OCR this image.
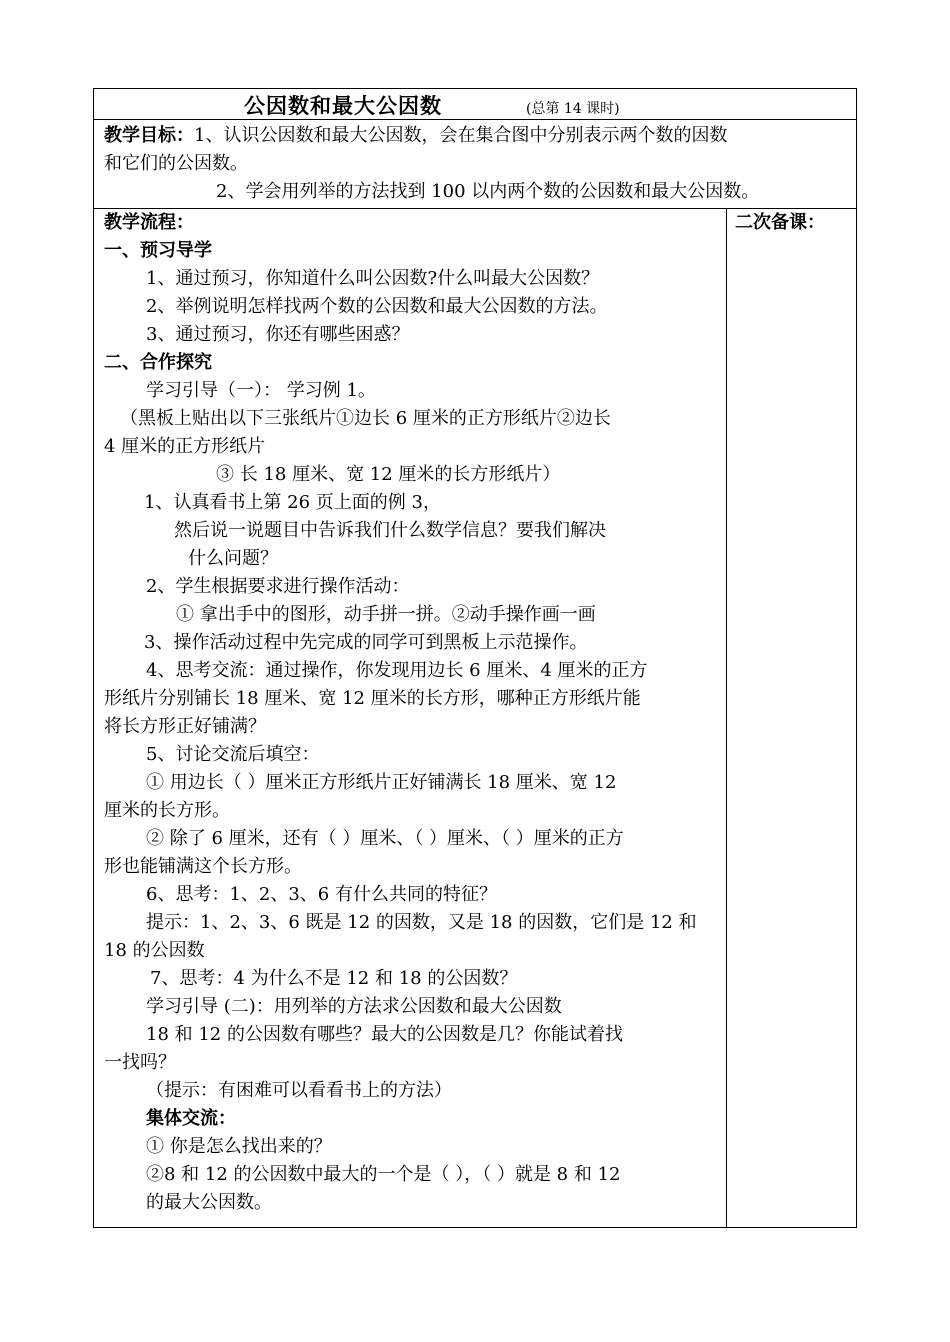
公因数和最大公因数	(总第 14 课时)
教学目标：1、认识公因数和最大公因数，会在集合图中分别表示两个数的因数
和它们的公因数。
2、学会用列举的方法找到 100 以内两个数的公因数和最大公因数。
教学流程：
一、预习导学
1、通过预习，你知道什么叫公因数?什么叫最大公因数？
2、举例说明怎样找两个数的公因数和最大公因数的方法。
3、通过预习，你还有哪些困惑？
二、合作探究
学习引导（一）： 学习例 1。
（黑板上贴出以下三张纸片①边长 6 厘米的正方形纸片②边长
4 厘米的正方形纸片
③ 长 18 厘米、宽 12 厘米的长方形纸片）
1、认真看书上第 26 页上面的例 3，
然后说一说题目中告诉我们什么数学信息？要我们解决
什么问题？
2、学生根据要求进行操作活动：
① 拿出手中的图形，动手拼一拼。②动手操作画一画
3、操作活动过程中先完成的同学可到黑板上示范操作。
4、思考交流：通过操作，你发现用边长 6 厘米、4 厘米的正方
形纸片分别铺长 18 厘米、宽 12 厘米的长方形，哪种正方形纸片能
将长方形正好铺满？
5、讨论交流后填空：
① 用边长（ ）厘米正方形纸片正好铺满长 18 厘米、宽 12
厘米的长方形。
② 除了 6 厘米，还有（ ）厘米、（ ）厘米、（ ）厘米的正方
形也能铺满这个长方形。
6、思考：1、2、3、6 有什么共同的特征？
提示：1、2、3、6 既是 12 的因数，又是 18 的因数，它们是 12 和
18 的公因数
7、思考：4 为什么不是 12 和 18 的公因数？
学习引导 (二)：用列举的方法求公因数和最大公因数
18 和 12 的公因数有哪些？最大的公因数是几？你能试着找
一找吗？
（提示：有困难可以看看书上的方法）
集体交流：
① 你是怎么找出来的？
②8 和 12 的公因数中最大的一个是（ ），（ ）就是 8 和 12
的最大公因数。
二次备课：
